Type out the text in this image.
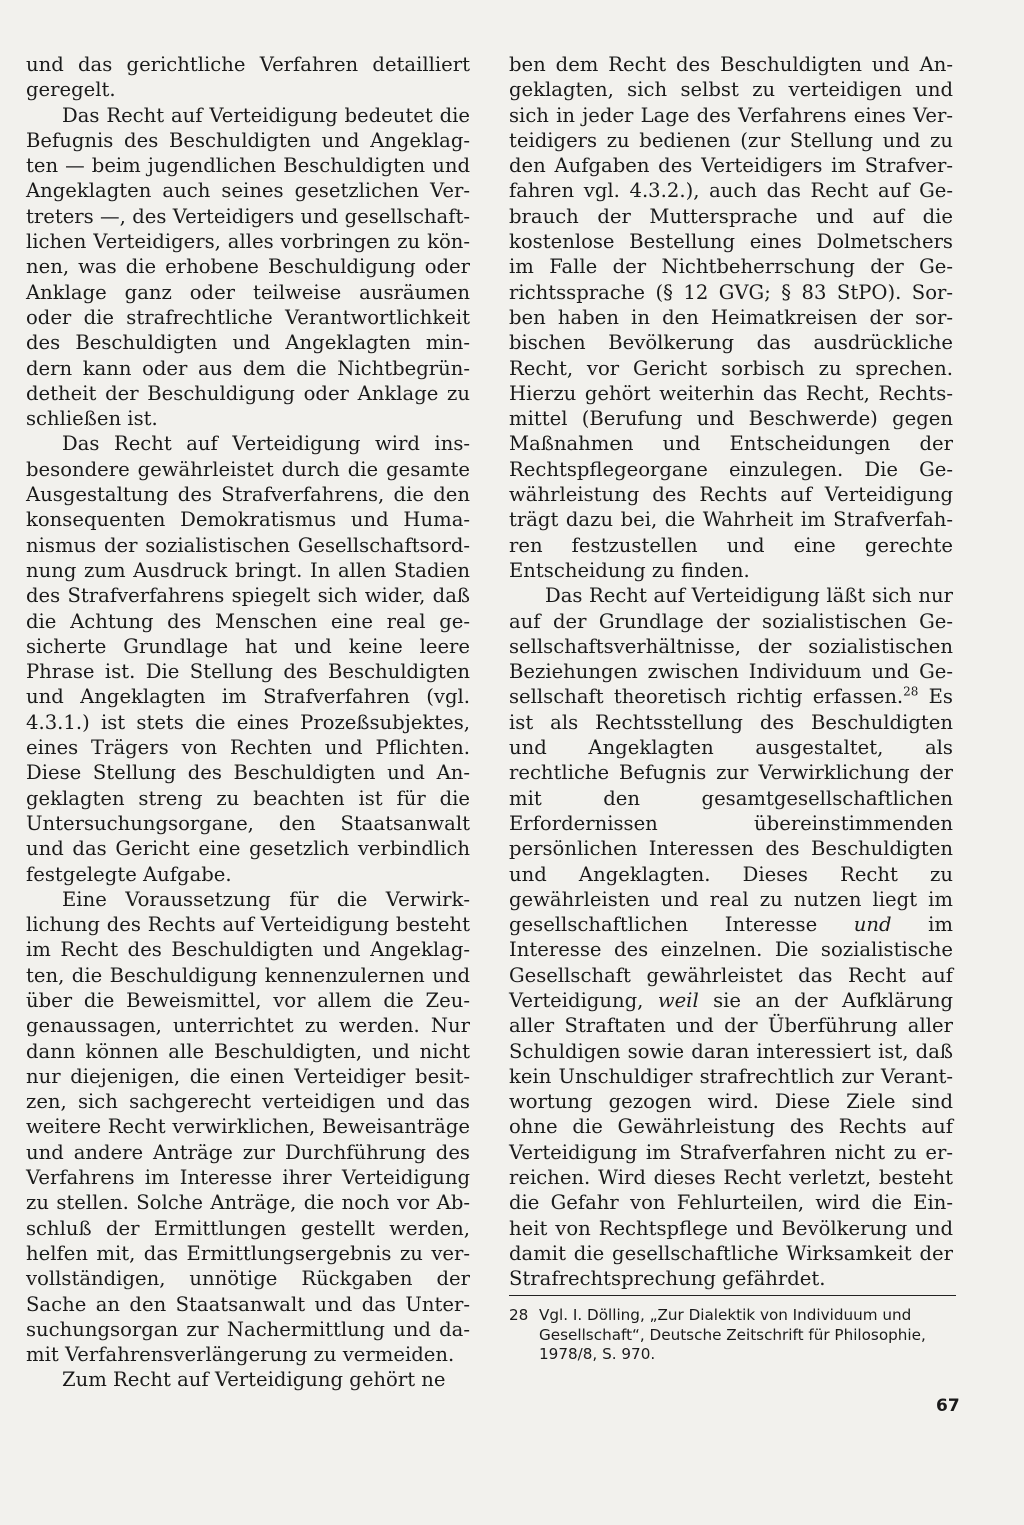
und das gerichtliche Verfahren detailliert geregelt.

Das Recht auf Verteidigung bedeutet die Befugnis des Beschuldigten und Angeklagten — beim jugendlichen Beschuldigten und Angeklagten auch seines gesetzlichen Vertreters —, des Verteidigers und gesellschaftlichen Verteidigers, alles vorbringen zu können, was die erhobene Beschuldigung oder Anklage ganz oder teilweise ausräumen oder die strafrechtliche Verantwortlichkeit des Beschuldigten und Angeklagten mindern kann oder aus dem die Nichtbegründetheit der Beschuldigung oder Anklage zu schließen ist.

Das Recht auf Verteidigung wird insbesondere gewährleistet durch die gesamte Ausgestaltung des Strafverfahrens, die den konsequenten Demokratismus und Humanismus der sozialistischen Gesellschaftsordnung zum Ausdruck bringt. In allen Stadien des Strafverfahrens spiegelt sich wider, daß die Achtung des Menschen eine real gesicherte Grundlage hat und keine leere Phrase ist. Die Stellung des Beschuldigten und Angeklagten im Strafverfahren (vgl. 4.3.1.) ist stets die eines Prozeßsubjektes, eines Trägers von Rechten und Pflichten. Diese Stellung des Beschuldigten und Angeklagten streng zu beachten ist für die Untersuchungsorgane, den Staatsanwalt und das Gericht eine gesetzlich verbindlich festgelegte Aufgabe.

Eine Voraussetzung für die Verwirklichung des Rechts auf Verteidigung besteht im Recht des Beschuldigten und Angeklagten, die Beschuldigung kennenzulernen und über die Beweismittel, vor allem die Zeugenaussagen, unterrichtet zu werden. Nur dann können alle Beschuldigten, und nicht nur diejenigen, die einen Verteidiger besitzen, sich sachgerecht verteidigen und das weitere Recht verwirklichen, Beweisanträge und andere Anträge zur Durchführung des Verfahrens im Interesse ihrer Verteidigung zu stellen. Solche Anträge, die noch vor Abschluß der Ermittlungen gestellt werden, helfen mit, das Ermittlungsergebnis zu vervollständigen, unnötige Rückgaben der Sache an den Staatsanwalt und das Untersuchungsorgan zur Nachermittlung und damit Verfahrensverlängerung zu vermeiden.

Zum Recht auf Verteidigung gehört ne

ben dem Recht des Beschuldigten und Angeklagten, sich selbst zu verteidigen und sich in jeder Lage des Verfahrens eines Verteidigers zu bedienen (zur Stellung und zu den Aufgaben des Verteidigers im Strafverfahren vgl. 4.3.2.), auch das Recht auf Gebrauch der Muttersprache und auf die kostenlose Bestellung eines Dolmetschers im Falle der Nichtbeherrschung der Gerichtssprache (§ 12 GVG; § 83 StPO). Sorben haben in den Heimatkreisen der sorbischen Bevölkerung das ausdrückliche Recht, vor Gericht sorbisch zu sprechen. Hierzu gehört weiterhin das Recht, Rechtsmittel (Berufung und Beschwerde) gegen Maßnahmen und Entscheidungen der Rechtspflegeorgane einzulegen. Die Gewährleistung des Rechts auf Verteidigung trägt dazu bei, die Wahrheit im Strafverfahren festzustellen und eine gerechte Entscheidung zu finden.

Das Recht auf Verteidigung läßt sich nur auf der Grundlage der sozialistischen Gesellschaftsverhältnisse, der sozialistischen Beziehungen zwischen Individuum und Gesellschaft theoretisch richtig erfassen.$^{28}$ Es ist als Rechtsstellung des Beschuldigten und Angeklagten ausgestaltet, als rechtliche Befugnis zur Verwirklichung der mit den gesamtgesellschaftlichen Erfordernissen übereinstimmenden persönlichen Interessen des Beschuldigten und Angeklagten. Dieses Recht zu gewährleisten und real zu nutzen liegt im gesellschaftlichen Interesse und im Interesse des einzelnen. Die sozialistische Gesellschaft gewährleistet das Recht auf Verteidigung, weil sie an der Aufklärung aller Straftaten und der Überführung aller Schuldigen sowie daran interessiert ist, daß kein Unschuldiger strafrechtlich zur Verantwortung gezogen wird. Diese Ziele sind ohne die Gewährleistung des Rechts auf Verteidigung im Strafverfahren nicht zu erreichen. Wird dieses Recht verletzt, besteht die Gefahr von Fehlurteilen, wird die Einheit von Rechtspflege und Bevölkerung und damit die gesellschaftliche Wirksamkeit der Strafrechtsprechung gefährdet.

28 Vgl. I. Dölling, „Zur Dialektik von Individuum und Gesellschaft“, Deutsche Zeitschrift für Philosophie, 1978/8, S. 970.
67
